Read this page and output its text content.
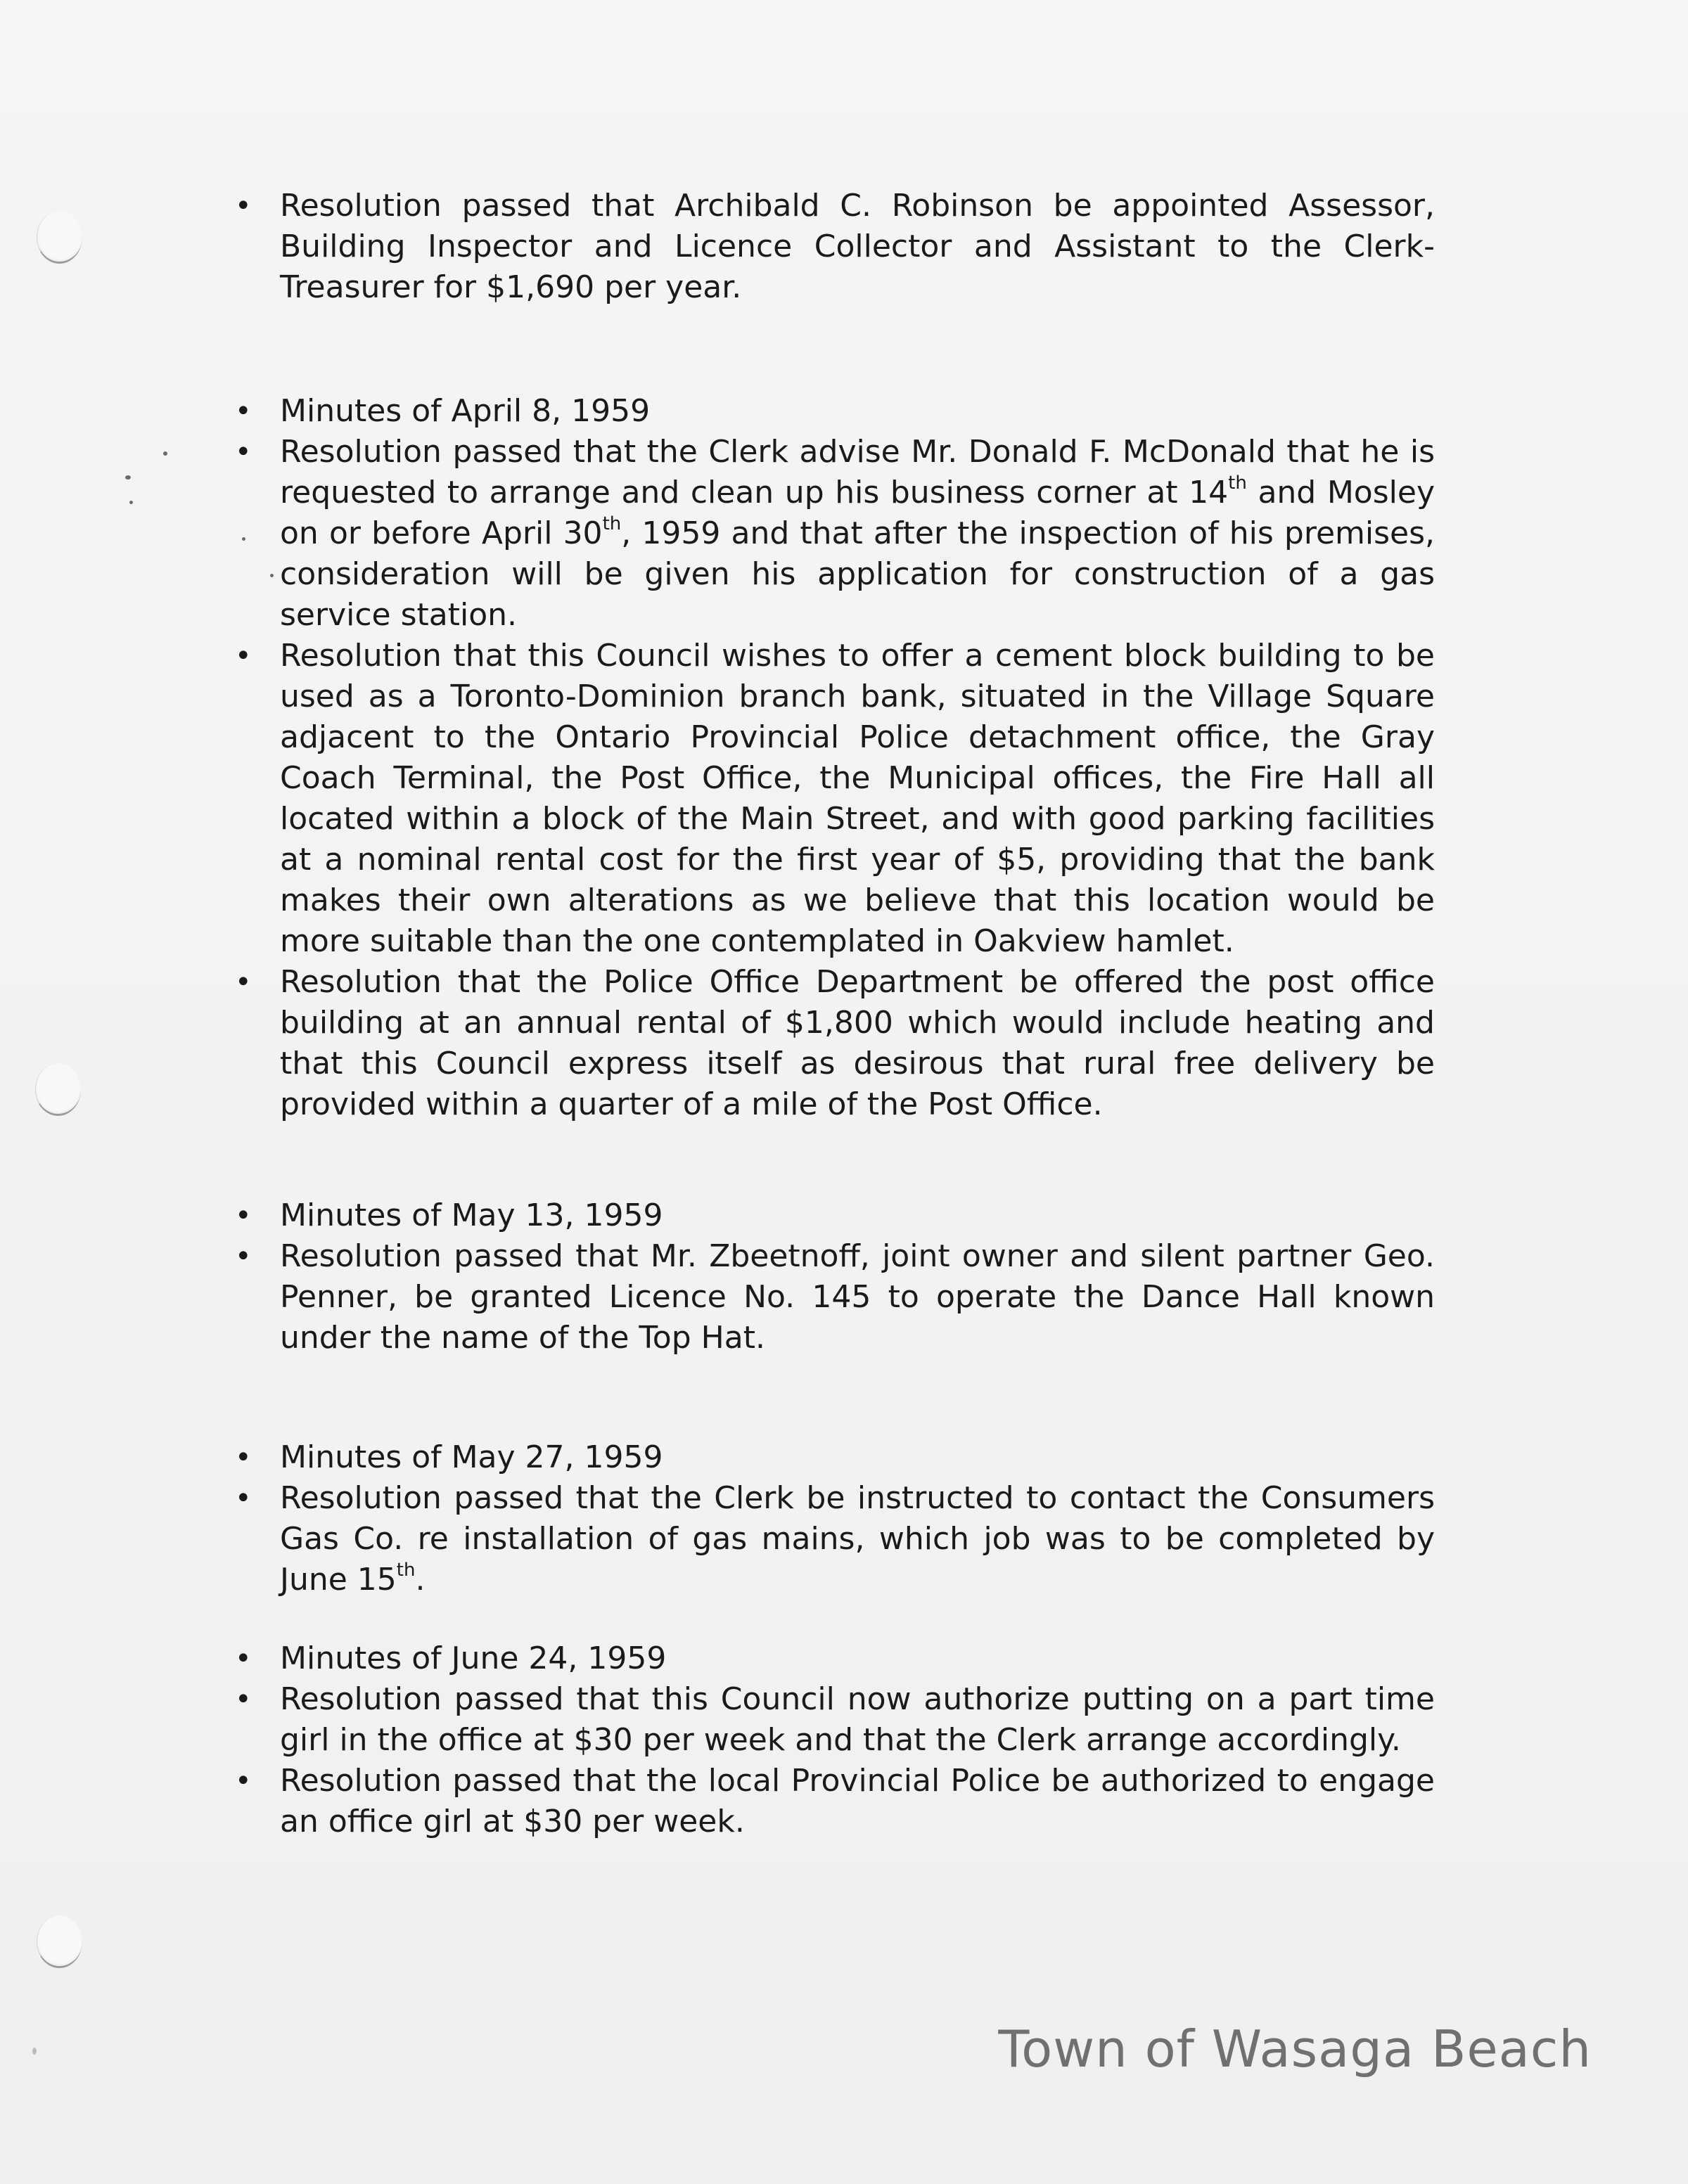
• Resolution passed that Archibald C. Robinson be appointed Assessor, Building Inspector and Licence Collector and Assistant to the Clerk-Treasurer for $1,690 per year.
• Minutes of April 8, 1959
• Resolution passed that the Clerk advise Mr. Donald F. McDonald that he is requested to arrange and clean up his business corner at 14th and Mosley on or before April 30th, 1959 and that after the inspection of his premises, consideration will be given his application for construction of a gas service station.
• Resolution that this Council wishes to offer a cement block building to be used as a Toronto-Dominion branch bank, situated in the Village Square adjacent to the Ontario Provincial Police detachment office, the Gray Coach Terminal, the Post Office, the Municipal offices, the Fire Hall all located within a block of the Main Street, and with good parking facilities at a nominal rental cost for the first year of $5, providing that the bank makes their own alterations as we believe that this location would be more suitable than the one contemplated in Oakview hamlet.
• Resolution that the Police Office Department be offered the post office building at an annual rental of $1,800 which would include heating and that this Council express itself as desirous that rural free delivery be provided within a quarter of a mile of the Post Office.
• Minutes of May 13, 1959
• Resolution passed that Mr. Zbeetnoff, joint owner and silent partner Geo. Penner, be granted Licence No. 145 to operate the Dance Hall known under the name of the Top Hat.
• Minutes of May 27, 1959
• Resolution passed that the Clerk be instructed to contact the Consumers Gas Co. re installation of gas mains, which job was to be completed by June 15th.
• Minutes of June 24, 1959
• Resolution passed that this Council now authorize putting on a part time girl in the office at $30 per week and that the Clerk arrange accordingly.
• Resolution passed that the local Provincial Police be authorized to engage an office girl at $30 per week.
Town of Wasaga Beach
